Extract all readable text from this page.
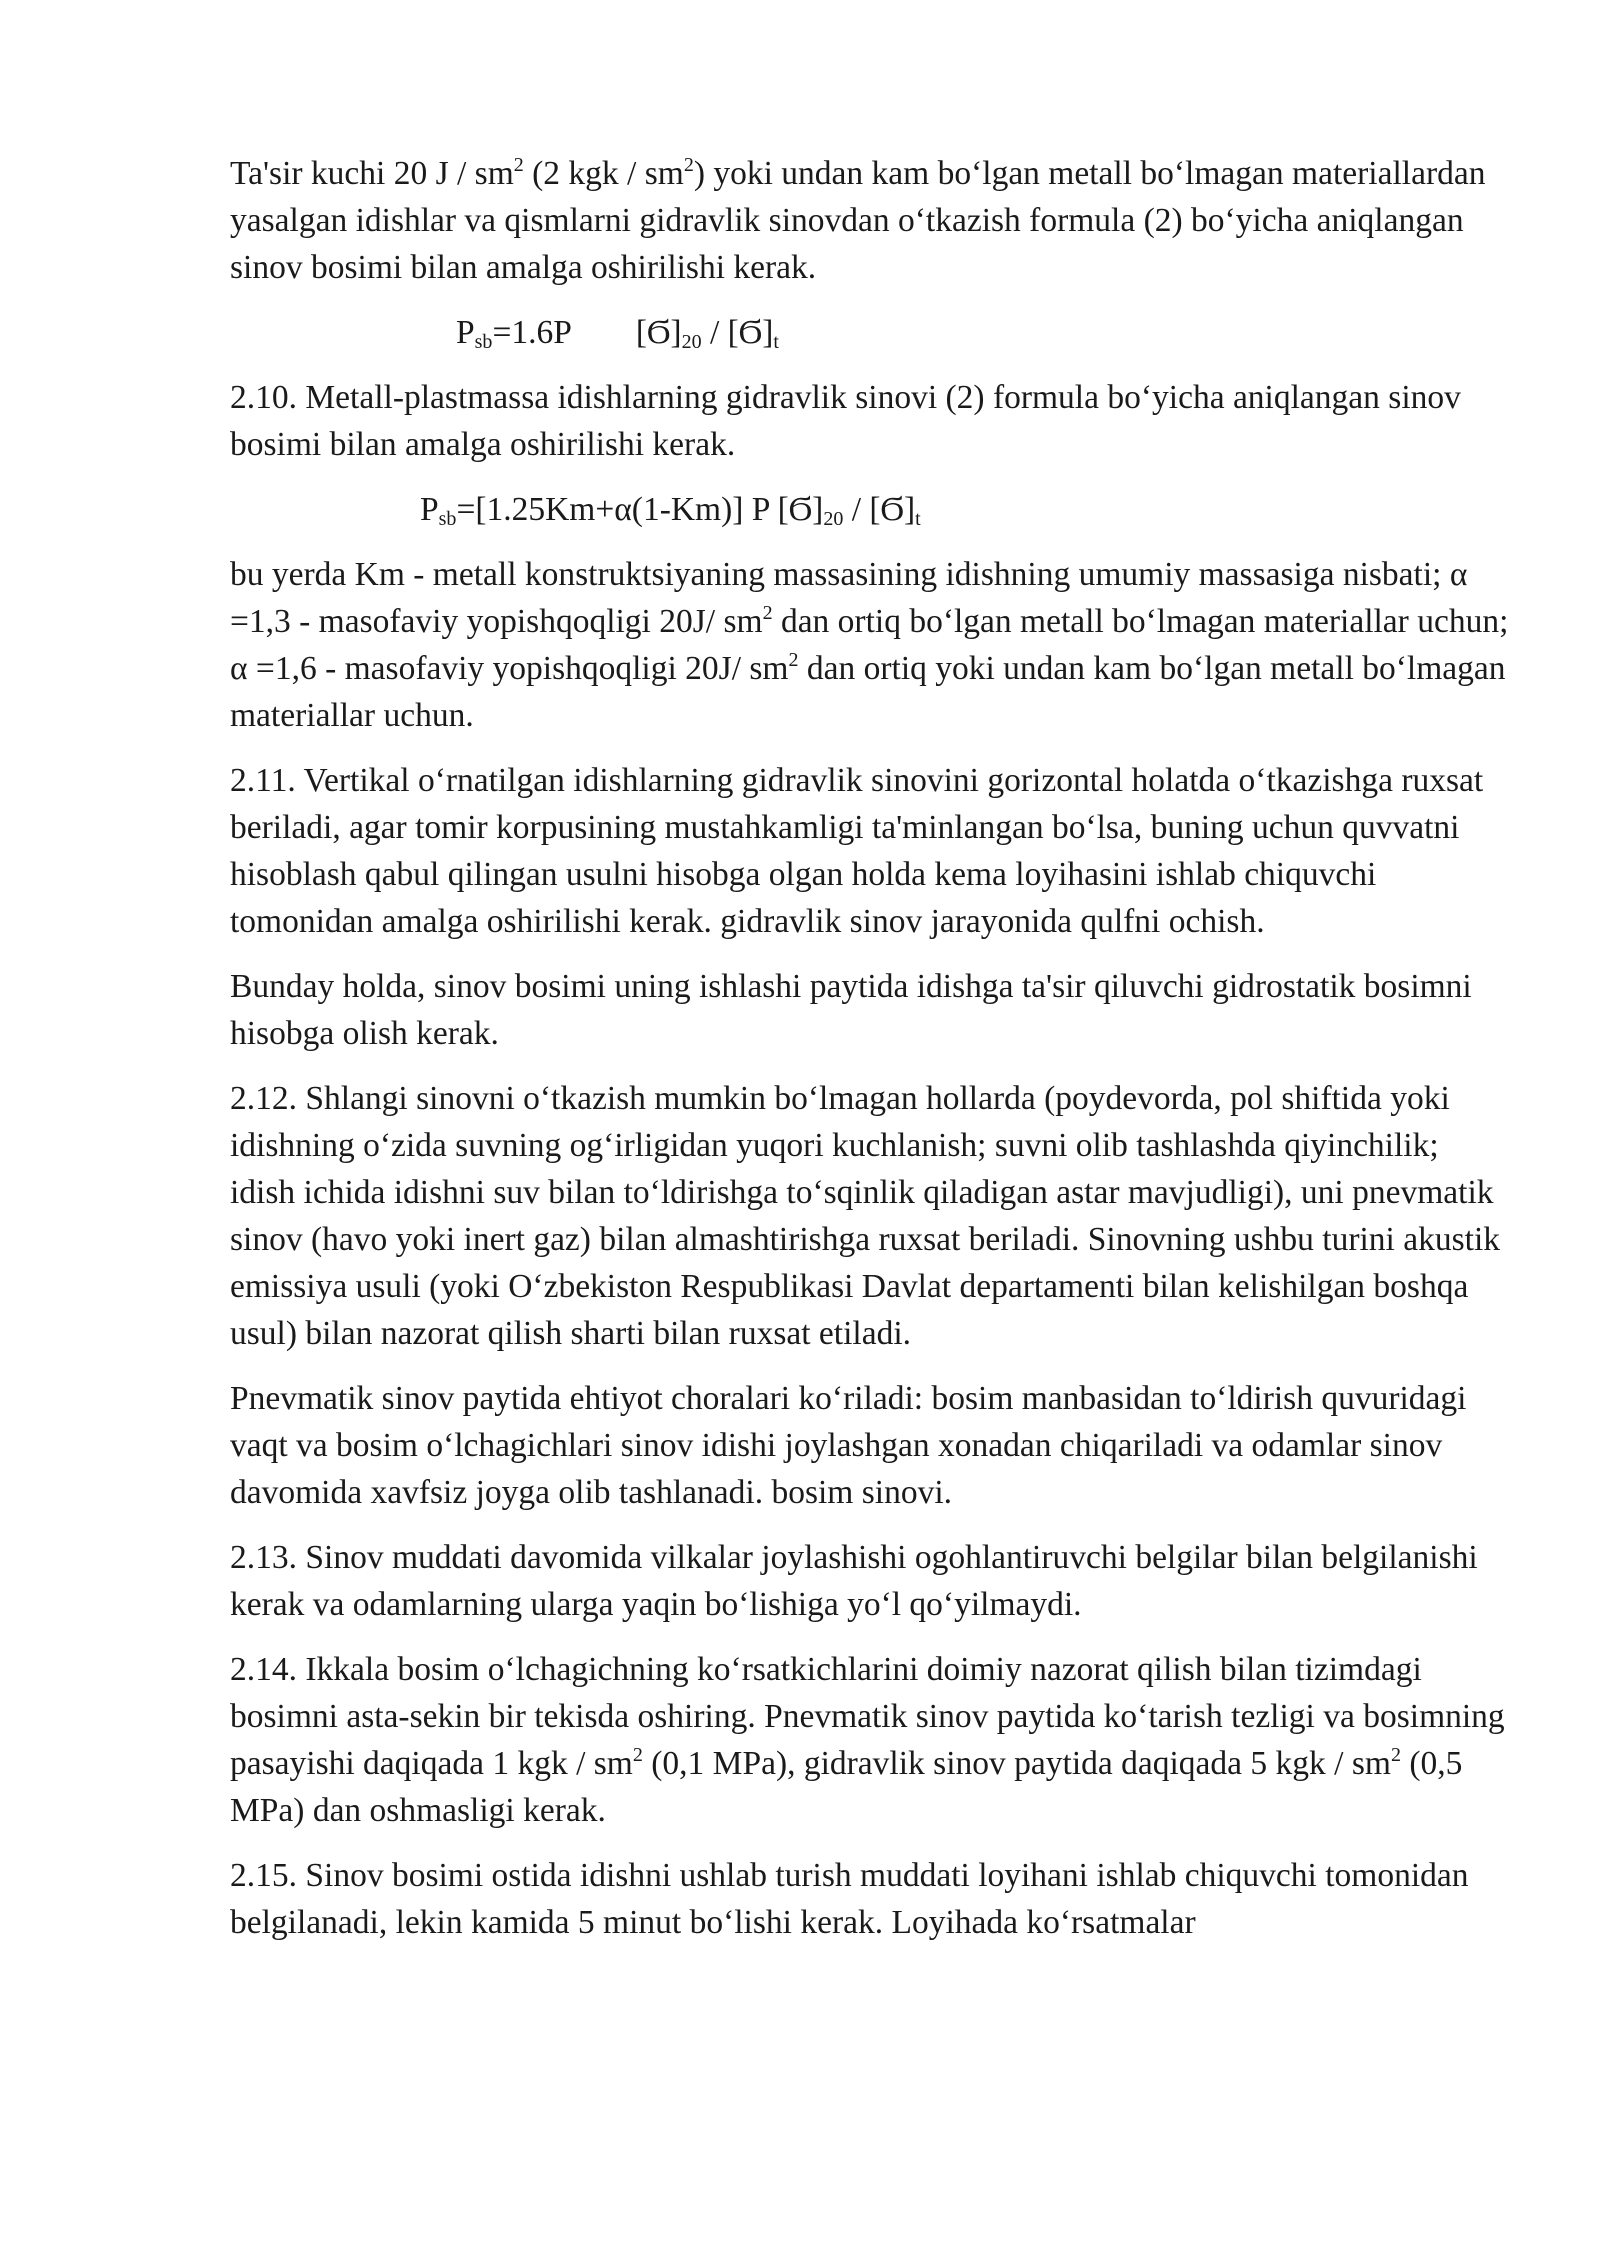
Ta'sir kuchi 20 J / $sm^2$ (2 kgk / $sm^2$) yoki undan kam bo‘lgan metall bo‘lmagan materiallardan yasalgan idishlar va qismlarni gidravlik sinovdan o‘tkazish formula (2) bo‘yicha aniqlangan sinov bosimi bilan amalga oshirilishi kerak.

$P_{sb}=1.6P$ $[Ϭ]_{20} / [Ϭ]_t$

2.10. Metall-plastmassa idishlarning gidravlik sinovi (2) formula bo‘yicha aniqlangan sinov bosimi bilan amalga oshirilishi kerak.

$P_{sb}=[1.25Km+\alpha(1-Km)]$ P $[Ϭ]_{20} / [Ϭ]_t$

bu yerda Km - metall konstruktsiyaning massasining idishning umumiy massasiga nisbati; α =1,3 - masofaviy yopishqoqligi 20J/ $sm^2$ dan ortiq bo‘lgan metall bo‘lmagan materiallar uchun; α =1,6 - masofaviy yopishqoqligi 20J/ $sm^2$ dan ortiq yoki undan kam bo‘lgan metall bo‘lmagan materiallar uchun.

2.11. Vertikal o‘rnatilgan idishlarning gidravlik sinovini gorizontal holatda o‘tkazishga ruxsat beriladi, agar tomir korpusining mustahkamligi ta'minlangan bo‘lsa, buning uchun quvvatni hisoblash qabul qilingan usulni hisobga olgan holda kema loyihasini ishlab chiquvchi tomonidan amalga oshirilishi kerak. gidravlik sinov jarayonida qulfni ochish.

Bunday holda, sinov bosimi uning ishlashi paytida idishga ta'sir qiluvchi gidrostatik bosimni hisobga olish kerak.

2.12. Shlangi sinovni o‘tkazish mumkin bo‘lmagan hollarda (poydevorda, pol shiftida yoki idishning o‘zida suvning og‘irligidan yuqori kuchlanish; suvni olib tashlashda qiyinchilik; idish ichida idishni suv bilan to‘ldirishga to‘sqinlik qiladigan astar mavjudligi), uni pnevmatik sinov (havo yoki inert gaz) bilan almashtirishga ruxsat beriladi. Sinovning ushbu turini akustik emissiya usuli (yoki O‘zbekiston Respublikasi Davlat departamenti bilan kelishilgan boshqa usul) bilan nazorat qilish sharti bilan ruxsat etiladi.

Pnevmatik sinov paytida ehtiyot choralari ko‘riladi: bosim manbasidan to‘ldirish quvuridagi vaqt va bosim o‘lchagichlari sinov idishi joylashgan xonadan chiqariladi va odamlar sinov davomida xavfsiz joyga olib tashlanadi. bosim sinovi.

2.13. Sinov muddati davomida vilkalar joylashishi ogohlantiruvchi belgilar bilan belgilanishi kerak va odamlarning ularga yaqin bo‘lishiga yo‘l qo‘yilmaydi.

2.14. Ikkala bosim o‘lchagichning ko‘rsatkichlarini doimiy nazorat qilish bilan tizimdagi bosimni asta-sekin bir tekisda oshiring. Pnevmatik sinov paytida ko‘tarish tezligi va bosimning pasayishi daqiqada 1 kgk / $sm^2$ (0,1 MPa), gidravlik sinov paytida daqiqada 5 kgk / $sm^2$ (0,5 MPa) dan oshmasligi kerak.

2.15. Sinov bosimi ostida idishni ushlab turish muddati loyihani ishlab chiquvchi tomonidan belgilanadi, lekin kamida 5 minut bo‘lishi kerak. Loyihada ko‘rsatmalar
